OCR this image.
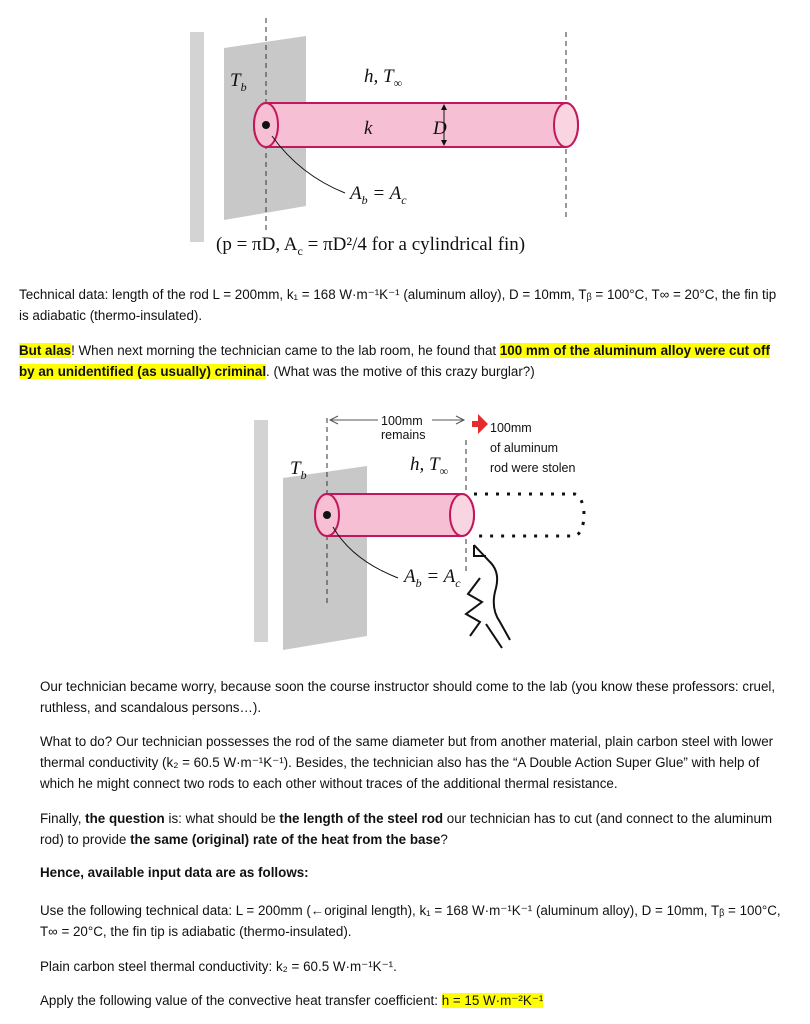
$T_b$	h, $T_\infty$
k	D
$A_b = A_c$
(p = πD, $A_c = \pi D^2/4$ for a cylindrical fin)

Technical data: length of the rod L = 200mm, k₁ = 168 W·m⁻¹K⁻¹ (aluminum alloy), D = 10mm, Tᵦ = 100°C, T∞ = 20°C, the fin tip is adiabatic (thermo-insulated).

But alas! When next morning the technician came to the lab room, he found that 100 mm of the aluminum alloy were cut off by an unidentified (as usually) criminal. (What was the motive of this crazy burglar?)

100mm
remains	100mm
of aluminum
rod were stolen
$T_b$	h, $T_\infty$
$A_b = A_c$

Our technician became worry, because soon the course instructor should come to the lab (you know these professors: cruel, ruthless, and scandalous persons…).

What to do? Our technician possesses the rod of the same diameter but from another material, plain carbon steel with lower thermal conductivity (k₂ = 60.5 W·m⁻¹K⁻¹). Besides, the technician also has the “A Double Action Super Glue” with help of which he might connect two rods to each other without traces of the additional thermal resistance.

Finally, the question is: what should be the length of the steel rod our technician has to cut (and connect to the aluminum rod) to provide the same (original) rate of the heat from the base?

Hence, available input data are as follows:

Use the following technical data: L = 200mm (←original length), k₁ = 168 W·m⁻¹K⁻¹ (aluminum alloy), D = 10mm, Tᵦ = 100°C, T∞ = 20°C, the fin tip is adiabatic (thermo-insulated).

Plain carbon steel thermal conductivity: k₂ = 60.5 W·m⁻¹K⁻¹.

Apply the following value of the convective heat transfer coefficient: h = 15 W·m⁻²K⁻¹
